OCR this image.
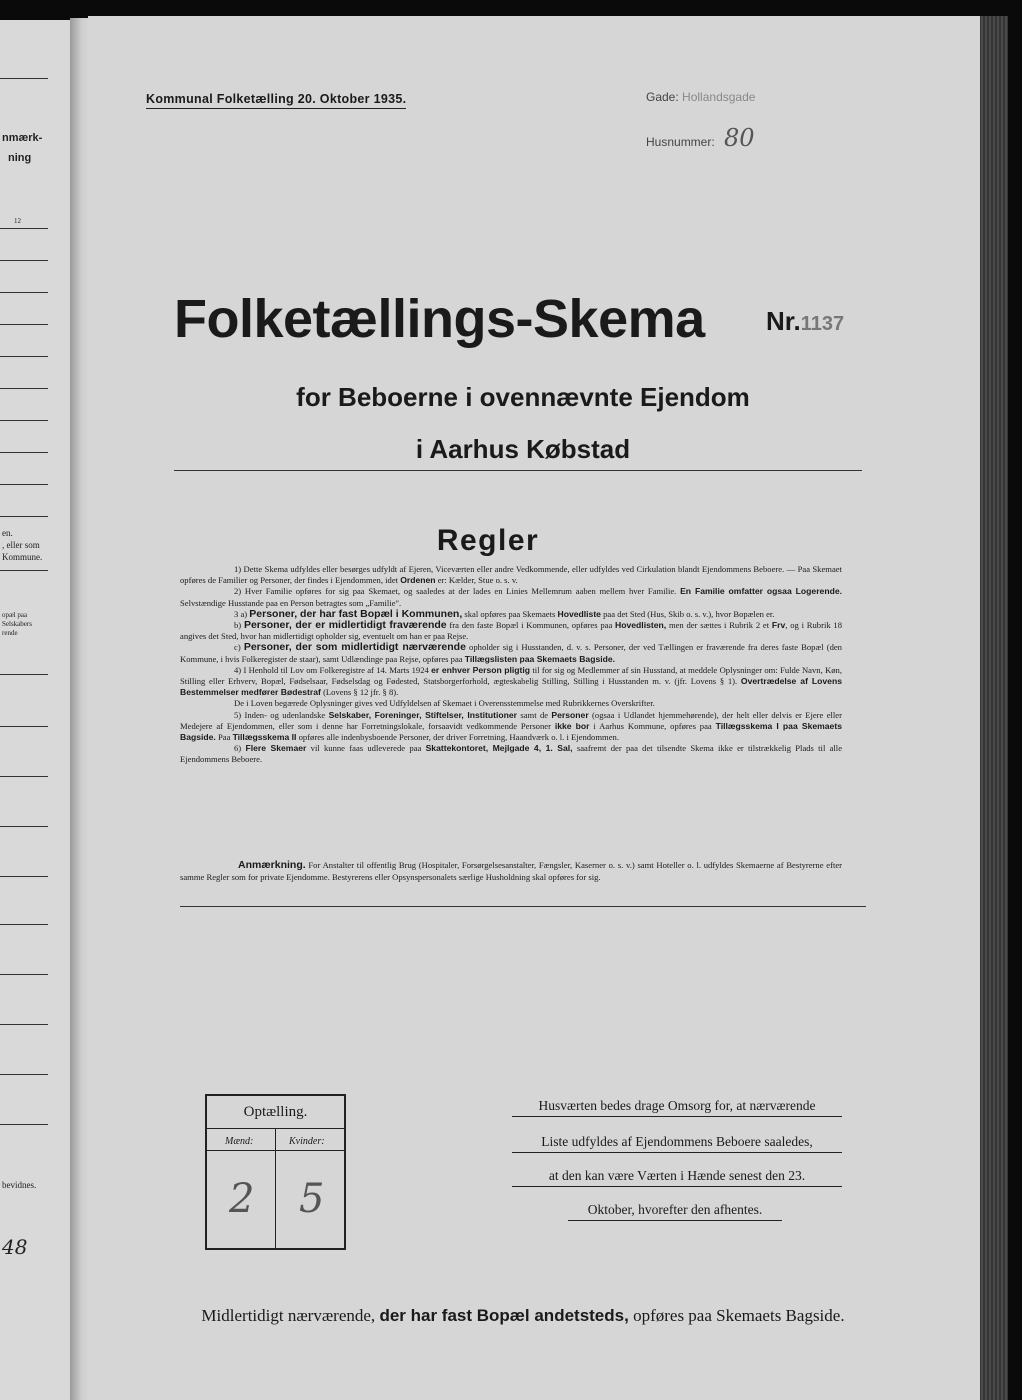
nmærk-
ning
12
en.
, eller som
Kommune.
opæl paa
Selskabers
rende
bevidnes.
48
Kommunal Folketælling 20. Oktober 1935.	Gade: Hollandsgade
Husnummer: 80
Folketællings-Skema Nr.1137
for Beboerne i ovennævnte Ejendom
i Aarhus Købstad
Regler

1) Dette Skema udfyldes eller besørges udfyldt af Ejeren, Viceværten eller andre Vedkommende, eller udfyldes ved Cirkulation blandt Ejendommens Beboere. — Paa Skemaet opføres de Familier og Personer, der findes i Ejendommen, idet Ordenen er: Kælder, Stue o. s. v.

2) Hver Familie opføres for sig paa Skemaet, og saaledes at der lades en Linies Mellemrum aaben mellem hver Familie. En Familie omfatter ogsaa Logerende. Selvstændige Husstande paa en Person betragtes som „Familie".

3 a) Personer, der har fast Bopæl i Kommunen, skal opføres paa Skemaets Hovedliste paa det Sted (Hus, Skib o. s. v.), hvor Bopælen er.

b) Personer, der er midlertidigt fraværende fra den faste Bopæl i Kommunen, opføres paa Hovedlisten, men der sættes i Rubrik 2 et Frv, og i Rubrik 18 angives det Sted, hvor han midlertidigt opholder sig, eventuelt om han er paa Rejse.

c) Personer, der som midlertidigt nærværende opholder sig i Husstanden, d. v. s. Personer, der ved Tællingen er fraværende fra deres faste Bopæl (den Kommune, i hvis Folkeregister de staar), samt Udlændinge paa Rejse, opføres paa Tillægslisten paa Skemaets Bagside.

4) I Henhold til Lov om Folkeregistre af 14. Marts 1924 er enhver Person pligtig til for sig og Medlemmer af sin Husstand, at meddele Oplysninger om: Fulde Navn, Køn, Stilling eller Erhverv, Bopæl, Fødselsaar, Fødselsdag og Fødested, Statsborgerforhold, ægteskabelig Stilling, Stilling i Husstanden m. v. (jfr. Lovens § 1). Overtrædelse af Lovens Bestemmelser medfører Bødestraf (Lovens § 12 jfr. § 8).

De i Loven begærede Oplysninger gives ved Udfyldelsen af Skemaet i Overensstemmelse med Rubrikkernes Overskrifter.

5) Inden- og udenlandske Selskaber, Foreninger, Stiftelser, Institutioner samt de Personer (ogsaa i Udlandet hjemmehørende), der helt eller delvis er Ejere eller Medejere af Ejendommen, eller som i denne har Forretningslokale, forsaavidt vedkommende Personer ikke bor i Aarhus Kommune, opføres paa Tillægsskema I paa Skemaets Bagside. Paa Tillægsskema II opføres alle indenbysboende Personer, der driver Forretning, Haandværk o. l. i Ejendommen.

6) Flere Skemaer vil kunne faas udleverede paa Skattekontoret, Mejlgade 4, 1. Sal, saafremt der paa det tilsendte Skema ikke er tilstrækkelig Plads til alle Ejendommens Beboere.

Anmærkning. For Anstalter til offentlig Brug (Hospitaler, Forsørgelsesanstalter, Fængsler, Kaserner o. s. v.) samt Hoteller o. l. udfyldes Skemaerne af Bestyrerne efter samme Regler som for private Ejendomme. Bestyrerens eller Opsynspersonalets særlige Husholdning skal opføres for sig.
Optælling.
Mænd:	Kvinder:
2 5
Husværten bedes drage Omsorg for, at nærværende
Liste udfyldes af Ejendommens Beboere saaledes,
at den kan være Værten i Hænde senest den 23.
Oktober, hvorefter den afhentes.
Midlertidigt nærværende, der har fast Bopæl andetsteds, opføres paa Skemaets Bagside.
